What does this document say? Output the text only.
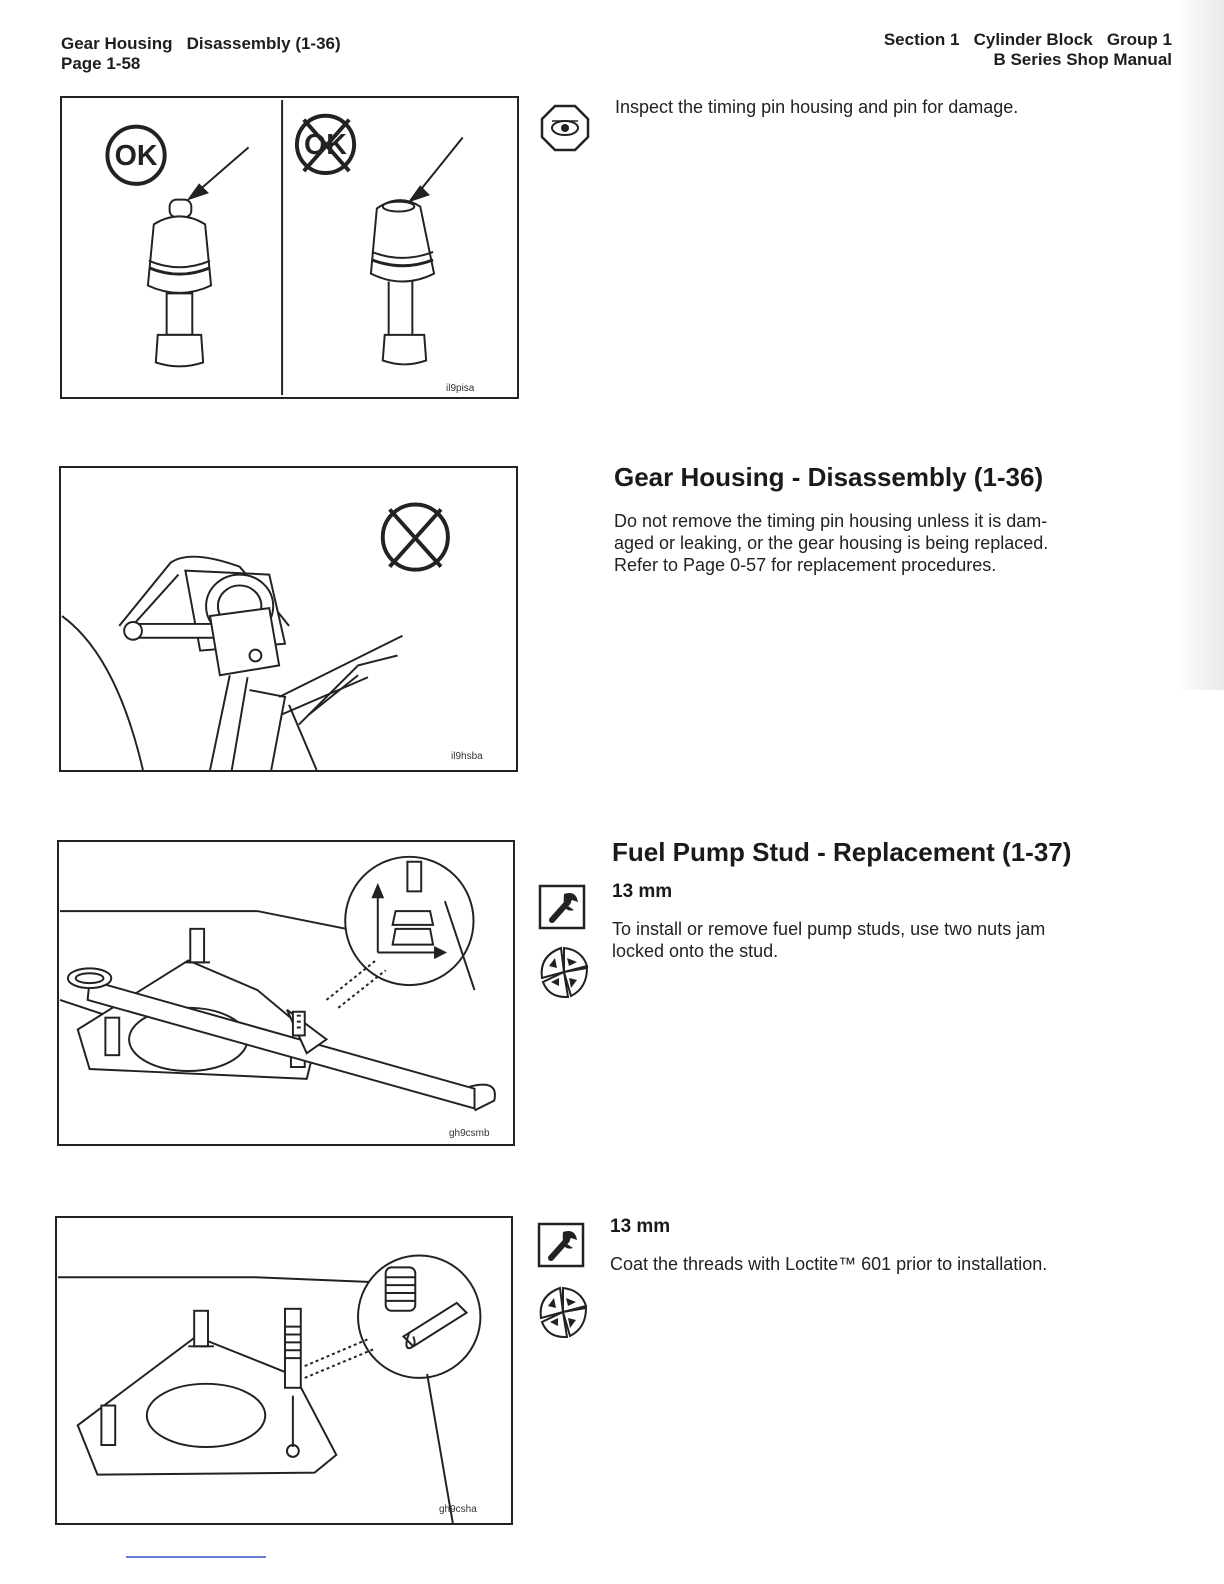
Gear Housing Disassembly (1-36)
Page 1-58
Section 1 Cylinder Block Group 1
B Series Shop Manual
OK	OK
il9pisa
Inspect the timing pin housing and pin for damage.
il9hsba
Gear Housing - Disassembly (1-36)
Do not remove the timing pin housing unless it is dam-
aged or leaking, or the gear housing is being replaced.
Refer to Page 0-57 for replacement procedures.
gh9csmb
Fuel Pump Stud - Replacement (1-37)
13 mm
To install or remove fuel pump studs, use two nuts jam
locked onto the stud.
gh9csha
13 mm
Coat the threads with Loctite™ 601 prior to installation.
